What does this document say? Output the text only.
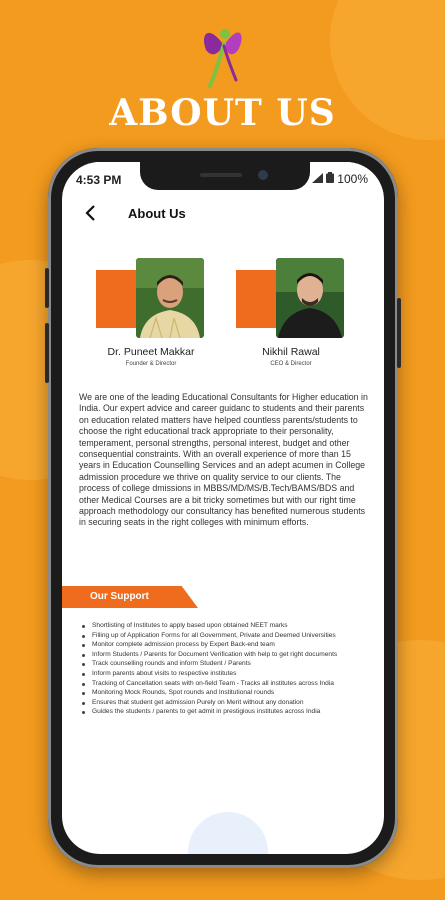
ABOUT US
4:53 PM	100%
About Us
Dr. Puneet Makkar
Founder & Director
Nikhil Rawal
CEO & Director

We are one of the leading Educational Consultants for Higher education in India. Our expert advice and career guidanc to students and their parents on education related matters have helped countless parents/students to choose the right educational track appropriate to their personality, temperament, personal strengths, personal interest, budget and other consequential constraints. With an overall experience of more than 15 years in Education Counselling Services and an adept acumen in College admission procedure we thrive on quality service to our clients. The process of college dmissions in MBBS/MD/MS/B.Tech/BAMS/BDS and other Medical Courses are a bit tricky sometimes but with our right time approach methodology our consultancy has benefited numerous students in securing seats in the right colleges with minimum efforts.

Our Support
Shortlisting of Institutes to apply based upon obtained NEET marks
Filling up of Application Forms for all Government, Private and Deemed Universities
Monitor complete admission process by Expert Back-end team
Inform Students / Parents for Document Verification with help to get right documents
Track counselling rounds and inform Student / Parents
Inform parents about visits to respective institutes
Tracking of Cancellation seats with on-field Team - Tracks all institutes across India
Monitoring Mock Rounds, Spot rounds and Institutional rounds
Ensures that student get admission Purely on Merit without any donation
Guides the students / parents to get admit in prestigious institutes across India
